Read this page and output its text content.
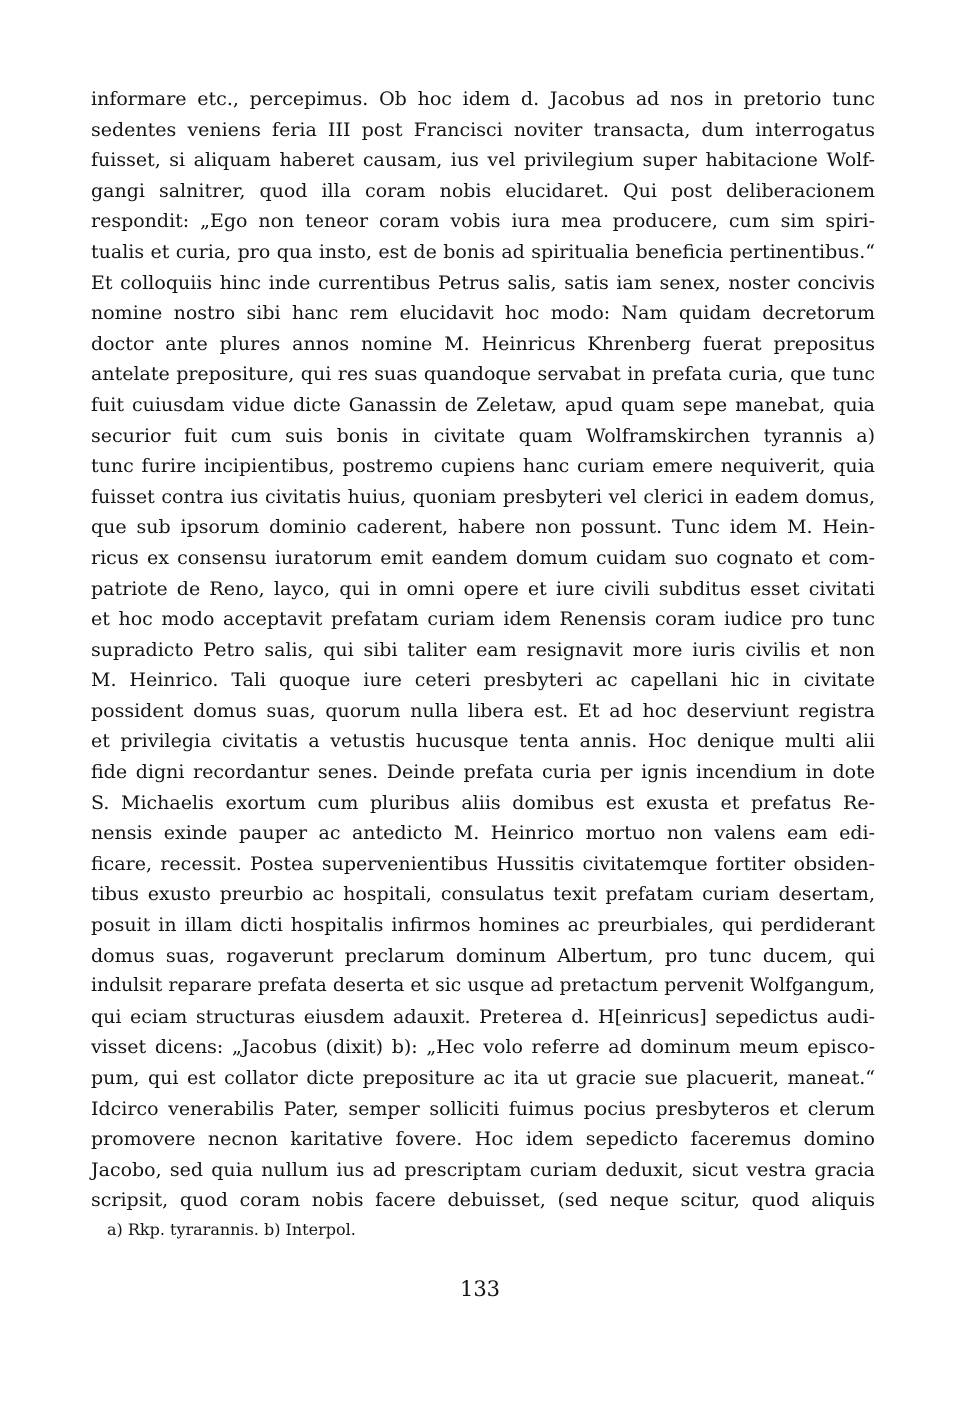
informare etc., percepimus. Ob hoc idem d. Jacobus ad nos in pretorio tunc
sedentes veniens feria III post Francisci noviter transacta, dum interrogatus
fuisset, si aliquam haberet causam, ius vel privilegium super habitacione Wolf-
gangi salnitrer, quod illa coram nobis elucidaret. Qui post deliberacionem
respondit: „Ego non teneor coram vobis iura mea producere, cum sim spiri-
tualis et curia, pro qua insto, est de bonis ad spiritualia beneficia pertinentibus.“
Et colloquiis hinc inde currentibus Petrus salis, satis iam senex, noster concivis
nomine nostro sibi hanc rem elucidavit hoc modo: Nam quidam decretorum
doctor ante plures annos nomine M. Heinricus Khrenberg fuerat prepositus
antelate prepositure, qui res suas quandoque servabat in prefata curia, que tunc
fuit cuiusdam vidue dicte Ganassin de Zeletaw, apud quam sepe manebat, quia
securior fuit cum suis bonis in civitate quam Wolframskirchen tyrannis a)
tunc furire incipientibus, postremo cupiens hanc curiam emere nequiverit, quia
fuisset contra ius civitatis huius, quoniam presbyteri vel clerici in eadem domus,
que sub ipsorum dominio caderent, habere non possunt. Tunc idem M. Hein-
ricus ex consensu iuratorum emit eandem domum cuidam suo cognato et com-
patriote de Reno, layco, qui in omni opere et iure civili subditus esset civitati
et hoc modo acceptavit prefatam curiam idem Renensis coram iudice pro tunc
supradicto Petro salis, qui sibi taliter eam resignavit more iuris civilis et non
M. Heinrico. Tali quoque iure ceteri presbyteri ac capellani hic in civitate
possident domus suas, quorum nulla libera est. Et ad hoc deserviunt registra
et privilegia civitatis a vetustis hucusque tenta annis. Hoc denique multi alii
fide digni recordantur senes. Deinde prefata curia per ignis incendium in dote
S. Michaelis exortum cum pluribus aliis domibus est exusta et prefatus Re-
nensis exinde pauper ac antedicto M. Heinrico mortuo non valens eam edi-
ficare, recessit. Postea supervenientibus Hussitis civitatemque fortiter obsiden-
tibus exusto preurbio ac hospitali, consulatus texit prefatam curiam desertam,
posuit in illam dicti hospitalis infirmos homines ac preurbiales, qui perdiderant
domus suas, rogaverunt preclarum dominum Albertum, pro tunc ducem, qui
indulsit reparare prefata deserta et sic usque ad pretactum pervenit Wolfgangum,
qui eciam structuras eiusdem adauxit. Preterea d. H[einricus] sepedictus audi-
visset dicens: „Jacobus (dixit) b): „Hec volo referre ad dominum meum episco-
pum, qui est collator dicte prepositure ac ita ut gracie sue placuerit, maneat.“
Idcirco venerabilis Pater, semper solliciti fuimus pocius presbyteros et clerum
promovere necnon karitative fovere. Hoc idem sepedicto faceremus domino
Jacobo, sed quia nullum ius ad prescriptam curiam deduxit, sicut vestra gracia
scripsit, quod coram nobis facere debuisset, (sed neque scitur, quod aliquis
a) Rkp. tyrarannis. b) Interpol.
133
